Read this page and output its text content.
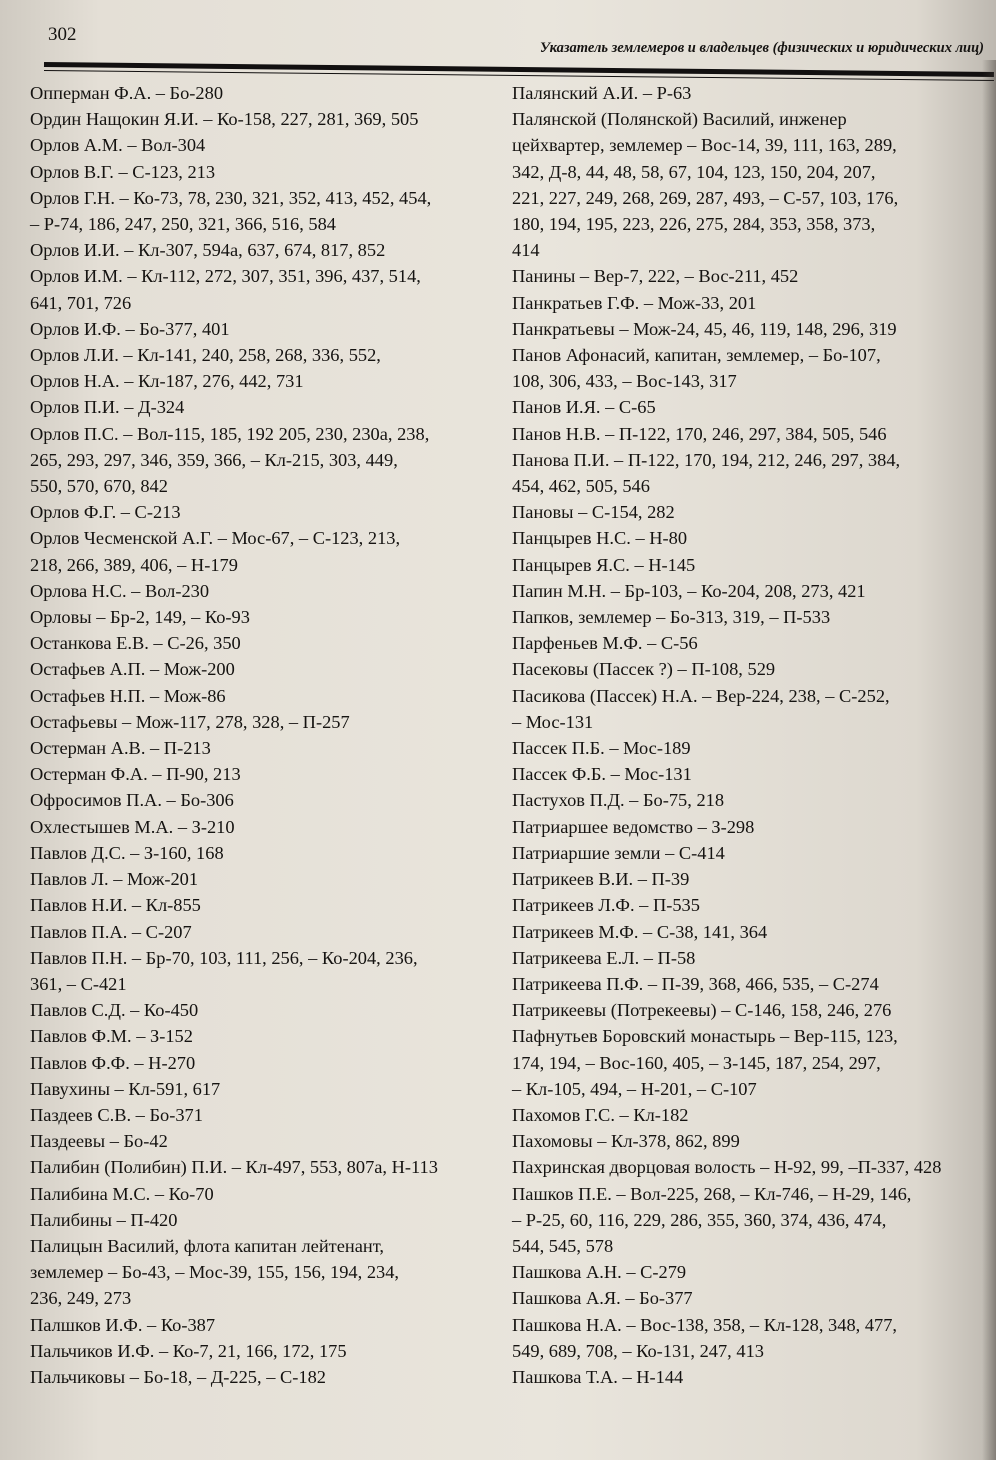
302
Указатель землемеров и владельцев (физических и юридических лиц)
Опперман Ф.А. – Бо-280
Ордин Нащокин Я.И. – Ко-158, 227, 281, 369, 505
Орлов А.М. – Вол-304
Орлов В.Г. – С-123, 213
Орлов Г.Н. – Ко-73, 78, 230, 321, 352, 413, 452, 454,
– Р-74, 186, 247, 250, 321, 366, 516, 584
Орлов И.И. – Кл-307, 594а, 637, 674, 817, 852
Орлов И.М. – Кл-112, 272, 307, 351, 396, 437, 514,
641, 701, 726
Орлов И.Ф. – Бо-377, 401
Орлов Л.И. – Кл-141, 240, 258, 268, 336, 552,
Орлов Н.А. – Кл-187, 276, 442, 731
Орлов П.И. – Д-324
Орлов П.С. – Вол-115, 185, 192 205, 230, 230а, 238,
265, 293, 297, 346, 359, 366, – Кл-215, 303, 449,
550, 570, 670, 842
Орлов Ф.Г. – С-213
Орлов Чесменской А.Г. – Мос-67, – С-123, 213,
218, 266, 389, 406, – Н-179
Орлова Н.С. – Вол-230
Орловы – Бр-2, 149, – Ко-93
Останкова Е.В. – С-26, 350
Остафьев А.П. – Мож-200
Остафьев Н.П. – Мож-86
Остафьевы – Мож-117, 278, 328, – П-257
Остерман А.В. – П-213
Остерман Ф.А. – П-90, 213
Офросимов П.А. – Бо-306
Охлестышев М.А. – З-210
Павлов Д.С. – З-160, 168
Павлов Л. – Мож-201
Павлов Н.И. – Кл-855
Павлов П.А. – С-207
Павлов П.Н. – Бр-70, 103, 111, 256, – Ко-204, 236,
361, – С-421
Павлов С.Д. – Ко-450
Павлов Ф.М. – З-152
Павлов Ф.Ф. – Н-270
Павухины – Кл-591, 617
Паздеев С.В. – Бо-371
Паздеевы – Бо-42
Палибин (Полибин) П.И. – Кл-497, 553, 807а, Н-113
Палибина М.С. – Ко-70
Палибины – П-420
Палицын Василий, флота капитан лейтенант,
землемер – Бо-43, – Мос-39, 155, 156, 194, 234,
236, 249, 273
Палшков И.Ф. – Ко-387
Пальчиков И.Ф. – Ко-7, 21, 166, 172, 175
Пальчиковы – Бо-18, – Д-225, – С-182
Палянский А.И. – Р-63
Палянской (Полянской) Василий, инженер
цейхвартер, землемер – Вос-14, 39, 111, 163, 289,
342, Д-8, 44, 48, 58, 67, 104, 123, 150, 204, 207,
221, 227, 249, 268, 269, 287, 493, – С-57, 103, 176,
180, 194, 195, 223, 226, 275, 284, 353, 358, 373,
414
Панины – Вер-7, 222, – Вос-211, 452
Панкратьев Г.Ф. – Мож-33, 201
Панкратьевы – Мож-24, 45, 46, 119, 148, 296, 319
Панов Афонасий, капитан, землемер, – Бо-107,
108, 306, 433, – Вос-143, 317
Панов И.Я. – С-65
Панов Н.В. – П-122, 170, 246, 297, 384, 505, 546
Панова П.И. – П-122, 170, 194, 212, 246, 297, 384,
454, 462, 505, 546
Пановы – С-154, 282
Панцырев Н.С. – Н-80
Панцырев Я.С. – Н-145
Папин М.Н. – Бр-103, – Ко-204, 208, 273, 421
Папков, землемер – Бо-313, 319, – П-533
Парфеньев М.Ф. – С-56
Пасековы (Пассек ?) – П-108, 529
Пасикова (Пассек) Н.А. – Вер-224, 238, – С-252,
– Мос-131
Пассек П.Б. – Мос-189
Пассек Ф.Б. – Мос-131
Пастухов П.Д. – Бо-75, 218
Патриаршее ведомство – З-298
Патриаршие земли – С-414
Патрикеев В.И. – П-39
Патрикеев Л.Ф. – П-535
Патрикеев М.Ф. – С-38, 141, 364
Патрикеева Е.Л. – П-58
Патрикеева П.Ф. – П-39, 368, 466, 535, – С-274
Патрикеевы (Потрекеевы) – С-146, 158, 246, 276
Пафнутьев Боровский монастырь – Вер-115, 123,
174, 194, – Вос-160, 405, – З-145, 187, 254, 297,
– Кл-105, 494, – Н-201, – С-107
Пахомов Г.С. – Кл-182
Пахомовы – Кл-378, 862, 899
Пахринская дворцовая волость – Н-92, 99, –П-337, 428
Пашков П.Е. – Вол-225, 268, – Кл-746, – Н-29, 146,
– Р-25, 60, 116, 229, 286, 355, 360, 374, 436, 474,
544, 545, 578
Пашкова А.Н. – С-279
Пашкова А.Я. – Бо-377
Пашкова Н.А. – Вос-138, 358, – Кл-128, 348, 477,
549, 689, 708, – Ко-131, 247, 413
Пашкова Т.А. – Н-144
